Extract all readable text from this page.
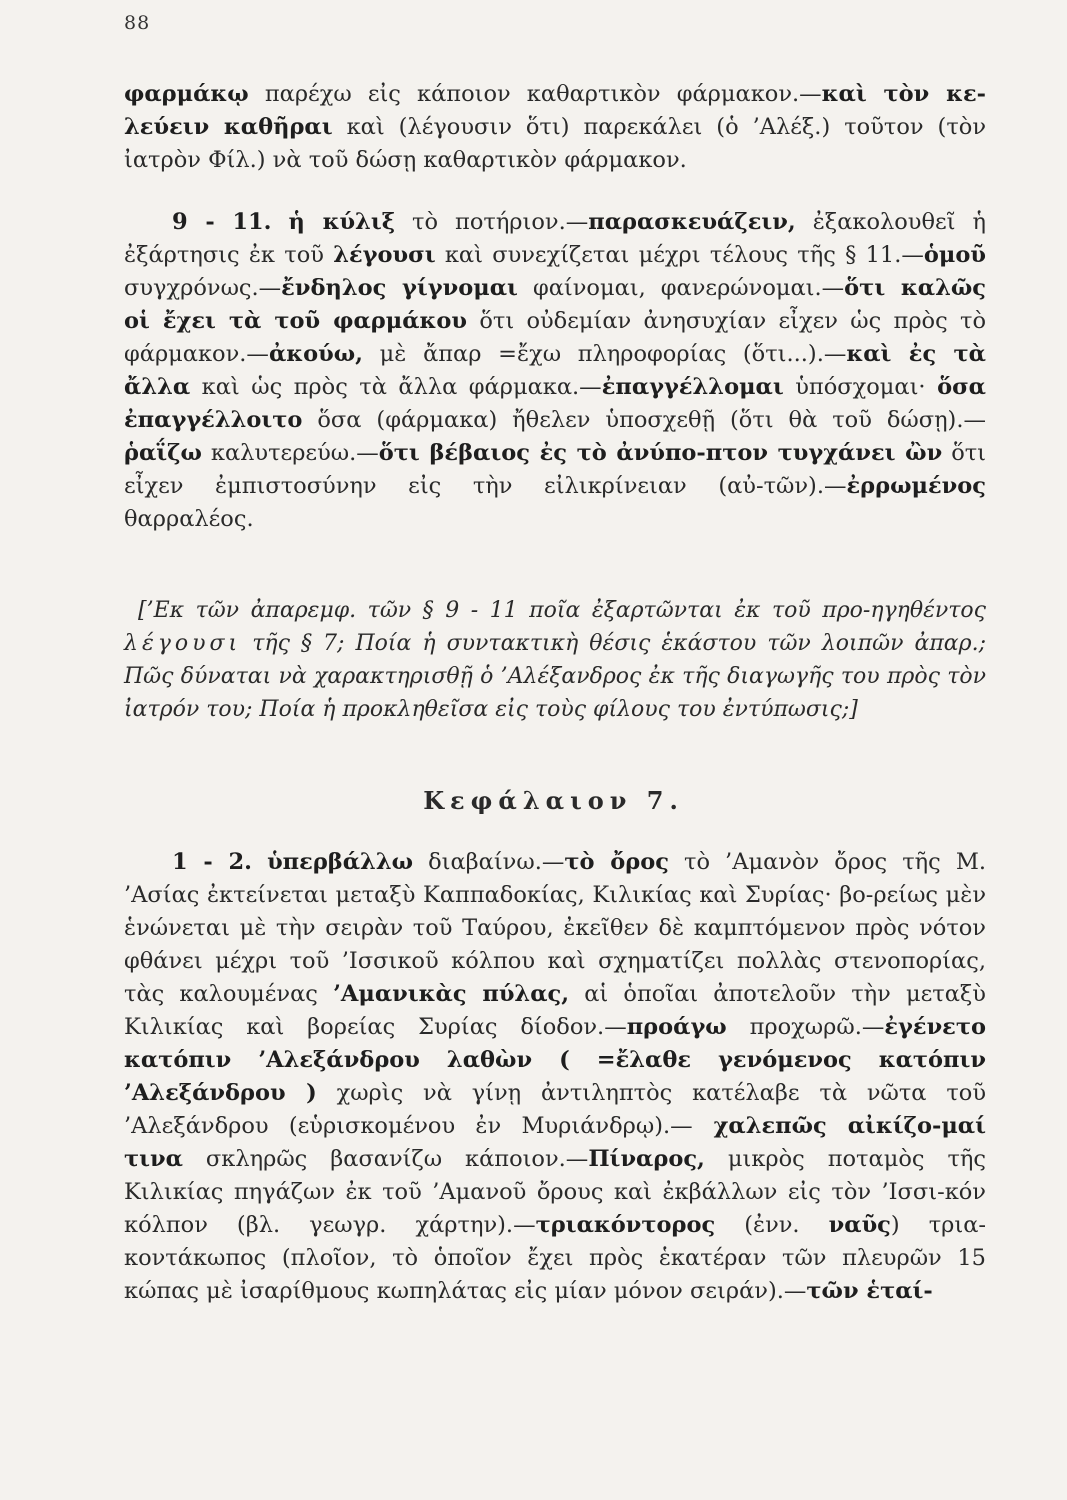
88

φαρμάκῳ παρέχω εἰς κάποιον καθαρτικὸν φάρμακον.—καὶ τὸν κε-λεύειν καθῆραι καὶ (λέγουσιν ὅτι) παρεκάλει (ὁ ’Αλέξ.) τοῦτον (τὸν ἰατρὸν Φίλ.) νὰ τοῦ δώσῃ καθαρτικὸν φάρμακον.

9 - 11. ἡ κύλιξ τὸ ποτήριον.—παρασκευάζειν, ἐξακολουθεῖ ἡ ἐξάρτησις ἐκ τοῦ λέγουσι καὶ συνεχίζεται μέχρι τέλους τῆς § 11.—ὁμοῦ συγχρόνως.—ἔνδηλος γίγνομαι φαίνομαι, φανερώνομαι.—ὅτι καλῶς οἱ ἔχει τὰ τοῦ φαρμάκου ὅτι οὐδεμίαν ἀνησυχίαν εἶχεν ὡς πρὸς τὸ φάρμακον.—ἀκούω, μὲ ἄπαρ =ἔχω πληροφορίας (ὅτι...).—καὶ ἐς τὰ ἄλλα καὶ ὡς πρὸς τὰ ἄλλα φάρμακα.—ἐπαγγέλλομαι ὑπόσχομαι· ὅσα ἐπαγγέλλοιτο ὅσα (φάρμακα) ἤθελεν ὑποσχεθῇ (ὅτι θὰ τοῦ δώσῃ).—ῥαΐζω καλυτερεύω.—ὅτι βέβαιος ἐς τὸ ἀνύπο-πτον τυγχάνει ὢν ὅτι εἶχεν ἐμπιστοσύνην εἰς τὴν εἰλικρίνειαν (αὐ-τῶν).—ἐρρωμένος θαρραλέος.

[’Εκ τῶν ἀπαρεμφ. τῶν § 9 - 11 ποῖα ἐξαρτῶνται ἐκ τοῦ προ-ηγηθέντος λέγουσι τῆς § 7; Ποία ἡ συντακτικὴ θέσις ἑκάστου τῶν λοιπῶν ἀπαρ.; Πῶς δύναται νὰ χαρακτηρισθῇ ὁ ’Αλέξανδρος ἐκ τῆς διαγωγῆς του πρὸς τὸν ἰατρόν του; Ποία ἡ προκληθεῖσα εἰς τοὺς φίλους του ἐντύπωσις;]
Κεφάλαιον 7.

1 - 2. ὑπερβάλλω διαβαίνω.—τὸ ὄρος τὸ ’Αμανὸν ὄρος τῆς Μ. ’Ασίας ἐκτείνεται μεταξὺ Καππαδοκίας, Κιλικίας καὶ Συρίας· βο-ρείως μὲν ἑνώνεται μὲ τὴν σειρὰν τοῦ Ταύρου, ἐκεῖθεν δὲ καμπτόμενον πρὸς νότον φθάνει μέχρι τοῦ ’Ισσικοῦ κόλπου καὶ σχηματίζει πολλὰς στενοπορίας, τὰς καλουμένας ’Αμανικὰς πύλας, αἱ ὁποῖαι ἀποτελοῦν τὴν μεταξὺ Κιλικίας καὶ βορείας Συρίας δίοδον.—προάγω προχωρῶ.—ἐγένετο κατόπιν ’Αλεξάνδρου λαθὼν ( =ἔλαθε γενόμενος κατόπιν ’Αλεξάνδρου ) χωρὶς νὰ γίνῃ ἀντιληπτὸς κατέλαβε τὰ νῶτα τοῦ ’Αλεξάνδρου (εὑρισκομένου ἐν Μυριάνδρῳ).— χαλεπῶς αἰκίζο-μαί τινα σκληρῶς βασανίζω κάποιον.—Πίναρος, μικρὸς ποταμὸς τῆς Κιλικίας πηγάζων ἐκ τοῦ ’Αμανοῦ ὄρους καὶ ἐκβάλλων εἰς τὸν ’Ισσι-κόν κόλπον (βλ. γεωγρ. χάρτην).—τριακόντορος (ἐνν. ναῦς) τρια-κοντάκωπος (πλοῖον, τὸ ὁποῖον ἔχει πρὸς ἑκατέραν τῶν πλευρῶν 15 κώπας μὲ ἰσαρίθμους κωπηλάτας εἰς μίαν μόνον σειράν).—τῶν ἑταί-
